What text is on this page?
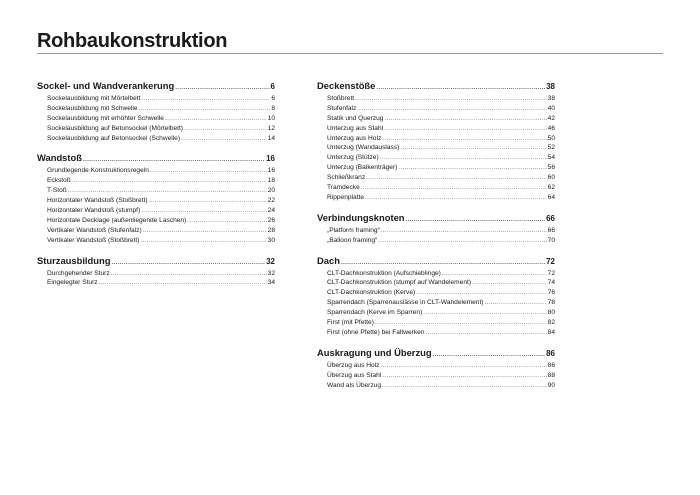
Rohbaukonstruktion
Sockel- und Wandverankerung .....	6
Sockelausbildung mit Mörtelbett .....	6
Sockelausbildung mit Schwelle .....	8
Sockelausbildung mit erhöhter Schwelle .....	10
Sockelausbildung auf Betonsockel (Mörtelbett) .....	12
Sockelausbildung auf Betonsockel (Schwelle) .....	14
Wandstoß .....	16
Grundlegende Konstruktionsregeln .....	16
Eckstoß .....	18
T-Stoß .....	20
Horizontaler Wandstoß (Stoßbrett) .....	22
Horizontaler Wandstoß (stumpf) .....	24
Horizontale Decklage (außenliegende Laschen) .....	26
Vertikaler Wandstoß (Stufenfalz) .....	28
Vertikaler Wandstoß (Stoßbrett) .....	30
Sturzausbildung .....	32
Durchgehender Sturz .....	32
Eingelegter Sturz .....	34
Deckenstöße .....	38
Stoßbrett .....	38
Stufenfalz .....	40
Statik und Querzug .....	42
Unterzug aus Stahl .....	46
Unterzug aus Holz .....	50
Unterzug (Wandauslass) .....	52
Unterzug (Stütze) .....	54
Unterzug (Balkenträger) .....	56
Schließkranz .....	60
Tramdecke .....	62
Rippenplatte .....	64
Verbindungsknoten .....	66
„Platform framing“ .....	66
„Balloon framing“ .....	70
Dach .....	72
CLT-Dachkonstruktion (Aufschieblinge) .....	72
CLT-Dachkonstruktion (stumpf auf Wandelement) .....	74
CLT-Dachkonstruktion (Kerve) .....	76
Sparrendach (Sparrenauslässe in CLT-Wandelement) .....	78
Sparrendach (Kerve im Sparren) .....	80
First (mit Pfette) .....	82
First (ohne Pfette) bei Faltwerken .....	84
Auskragung und Überzug .....	86
Überzug aus Holz .....	86
Überzug aus Stahl .....	88
Wand als Überzug .....	90
